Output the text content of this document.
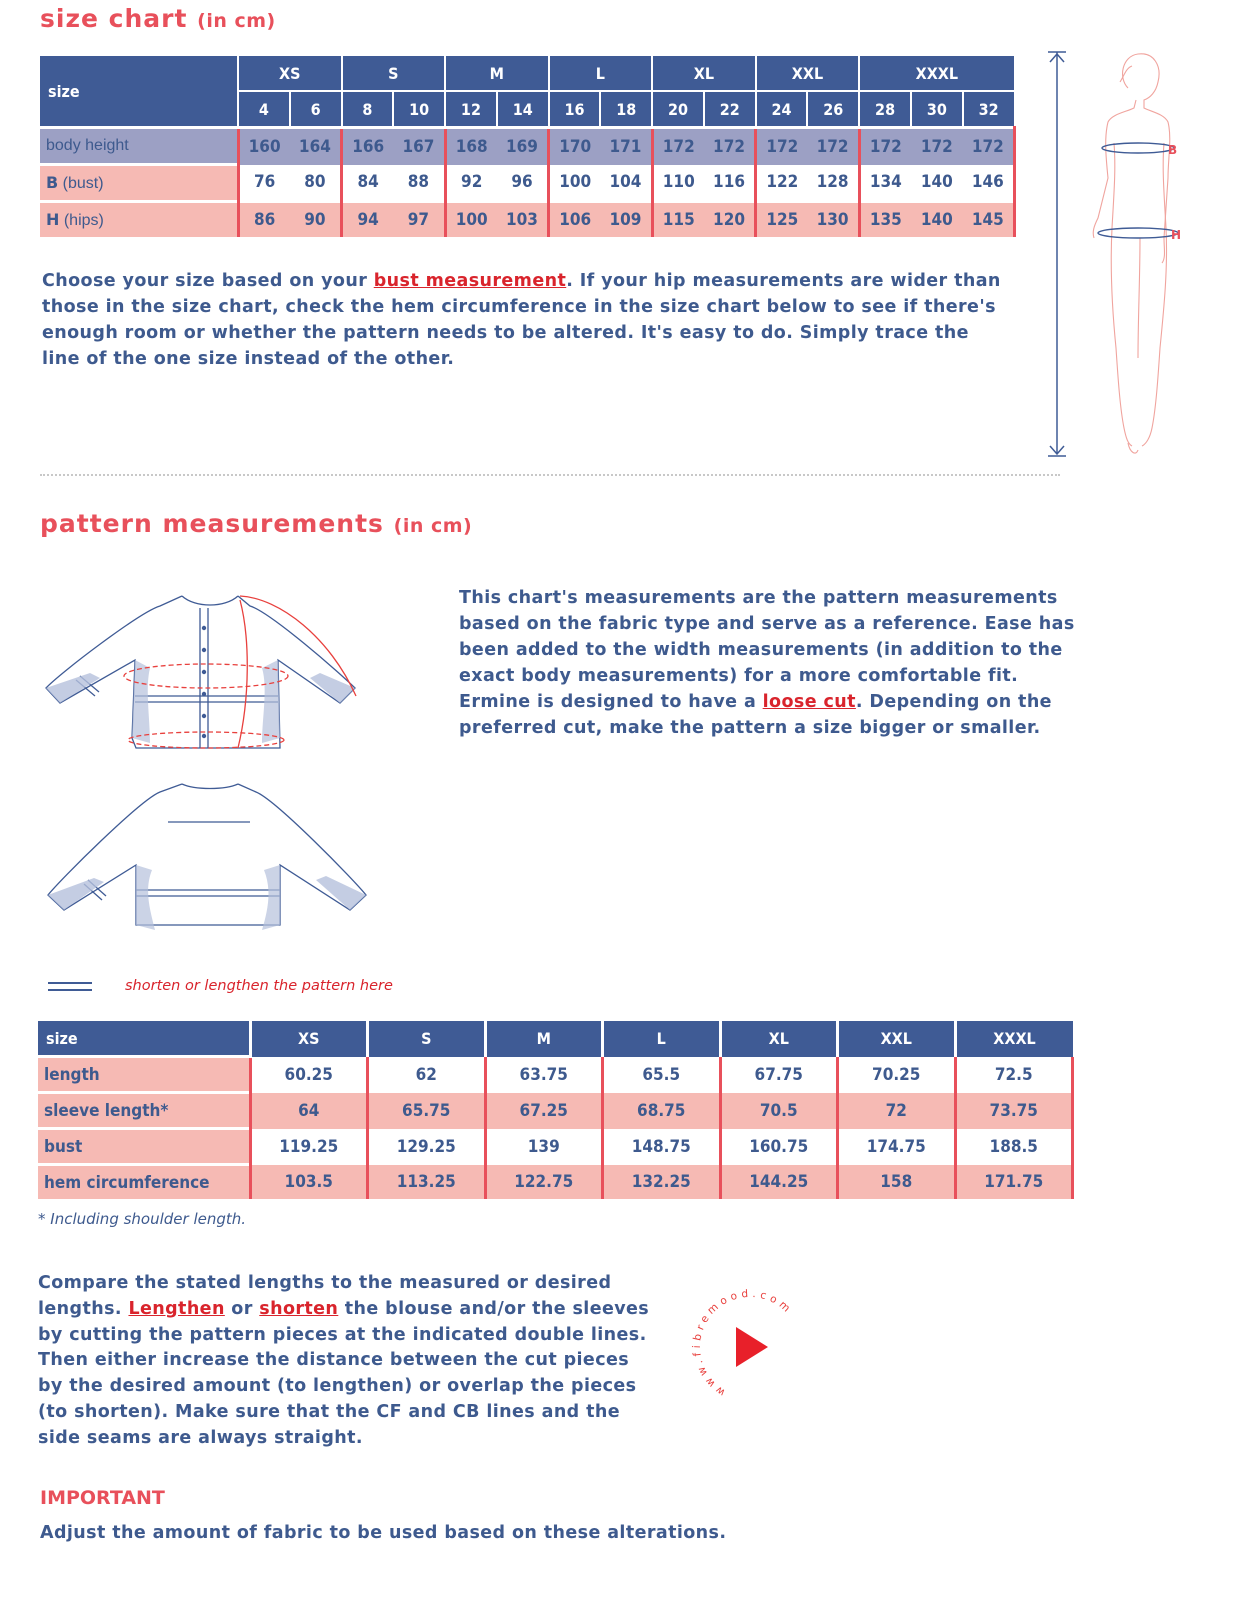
size chart (in cm)
size	XS		S		M		L		XL		XXL		XXXL		
	4	6	8	10	12	14	16	18	20	22	24	26	28	30	32
body height	160	164	166	167	168	169	170	171	172	172	172	172	172	172	172
B (bust)	76	80	84	88	92	96	100	104	110	116	122	128	134	140	146
H (hips)	86	90	94	97	100	103	106	109	115	120	125	130	135	140	145
B
H
Choose your size based on your bust measurement. If your hip measurements are wider than those in the size chart, check the hem circumference in the size chart below to see if there's enough room or whether the pattern needs to be altered. It's easy to do. Simply trace the line of the one size instead of the other.
pattern measurements (in cm)
This chart's measurements are the pattern measurements based on the fabric type and serve as a reference. Ease has been added to the width measurements (in addition to the exact body measurements) for a more comfortable fit. Ermine is designed to have a loose cut. Depending on the preferred cut, make the pattern a size bigger or smaller.
shorten or lengthen the pattern here
size	XS	S	M	L	XL	XXL	XXXL
length	60.25	62	63.75	65.5	67.75	70.25	72.5
sleeve length*	64	65.75	67.25	68.75	70.5	72	73.75
bust	119.25	129.25	139	148.75	160.75	174.75	188.5
hem circumference	103.5	113.25	122.75	132.25	144.25	158	171.75
* Including shoulder length.
Compare the stated lengths to the measured or desired lengths. Lengthen or shorten the blouse and/or the sleeves by cutting the pattern pieces at the indicated double lines. Then either increase the distance between the cut pieces by the desired amount (to lengthen) or overlap the pieces (to shorten). Make sure that the CF and CB lines and the side seams are always straight.
www.fibremood.com
IMPORTANT
Adjust the amount of fabric to be used based on these alterations.
